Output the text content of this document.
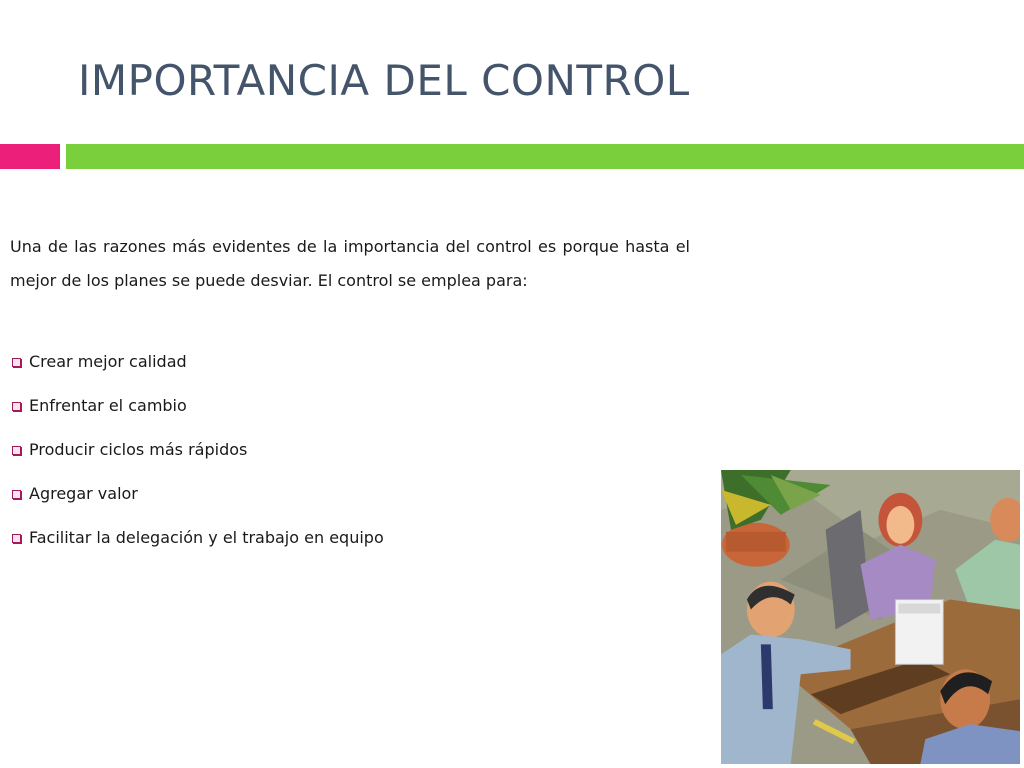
IMPORTANCIA DEL CONTROL

Una de las razones más evidentes de la importancia del control es porque hasta el mejor de los planes se puede desviar. El control se emplea para:

Crear mejor calidad
Enfrentar el cambio
Producir ciclos más rápidos
Agregar valor
Facilitar la delegación y el trabajo en equipo
